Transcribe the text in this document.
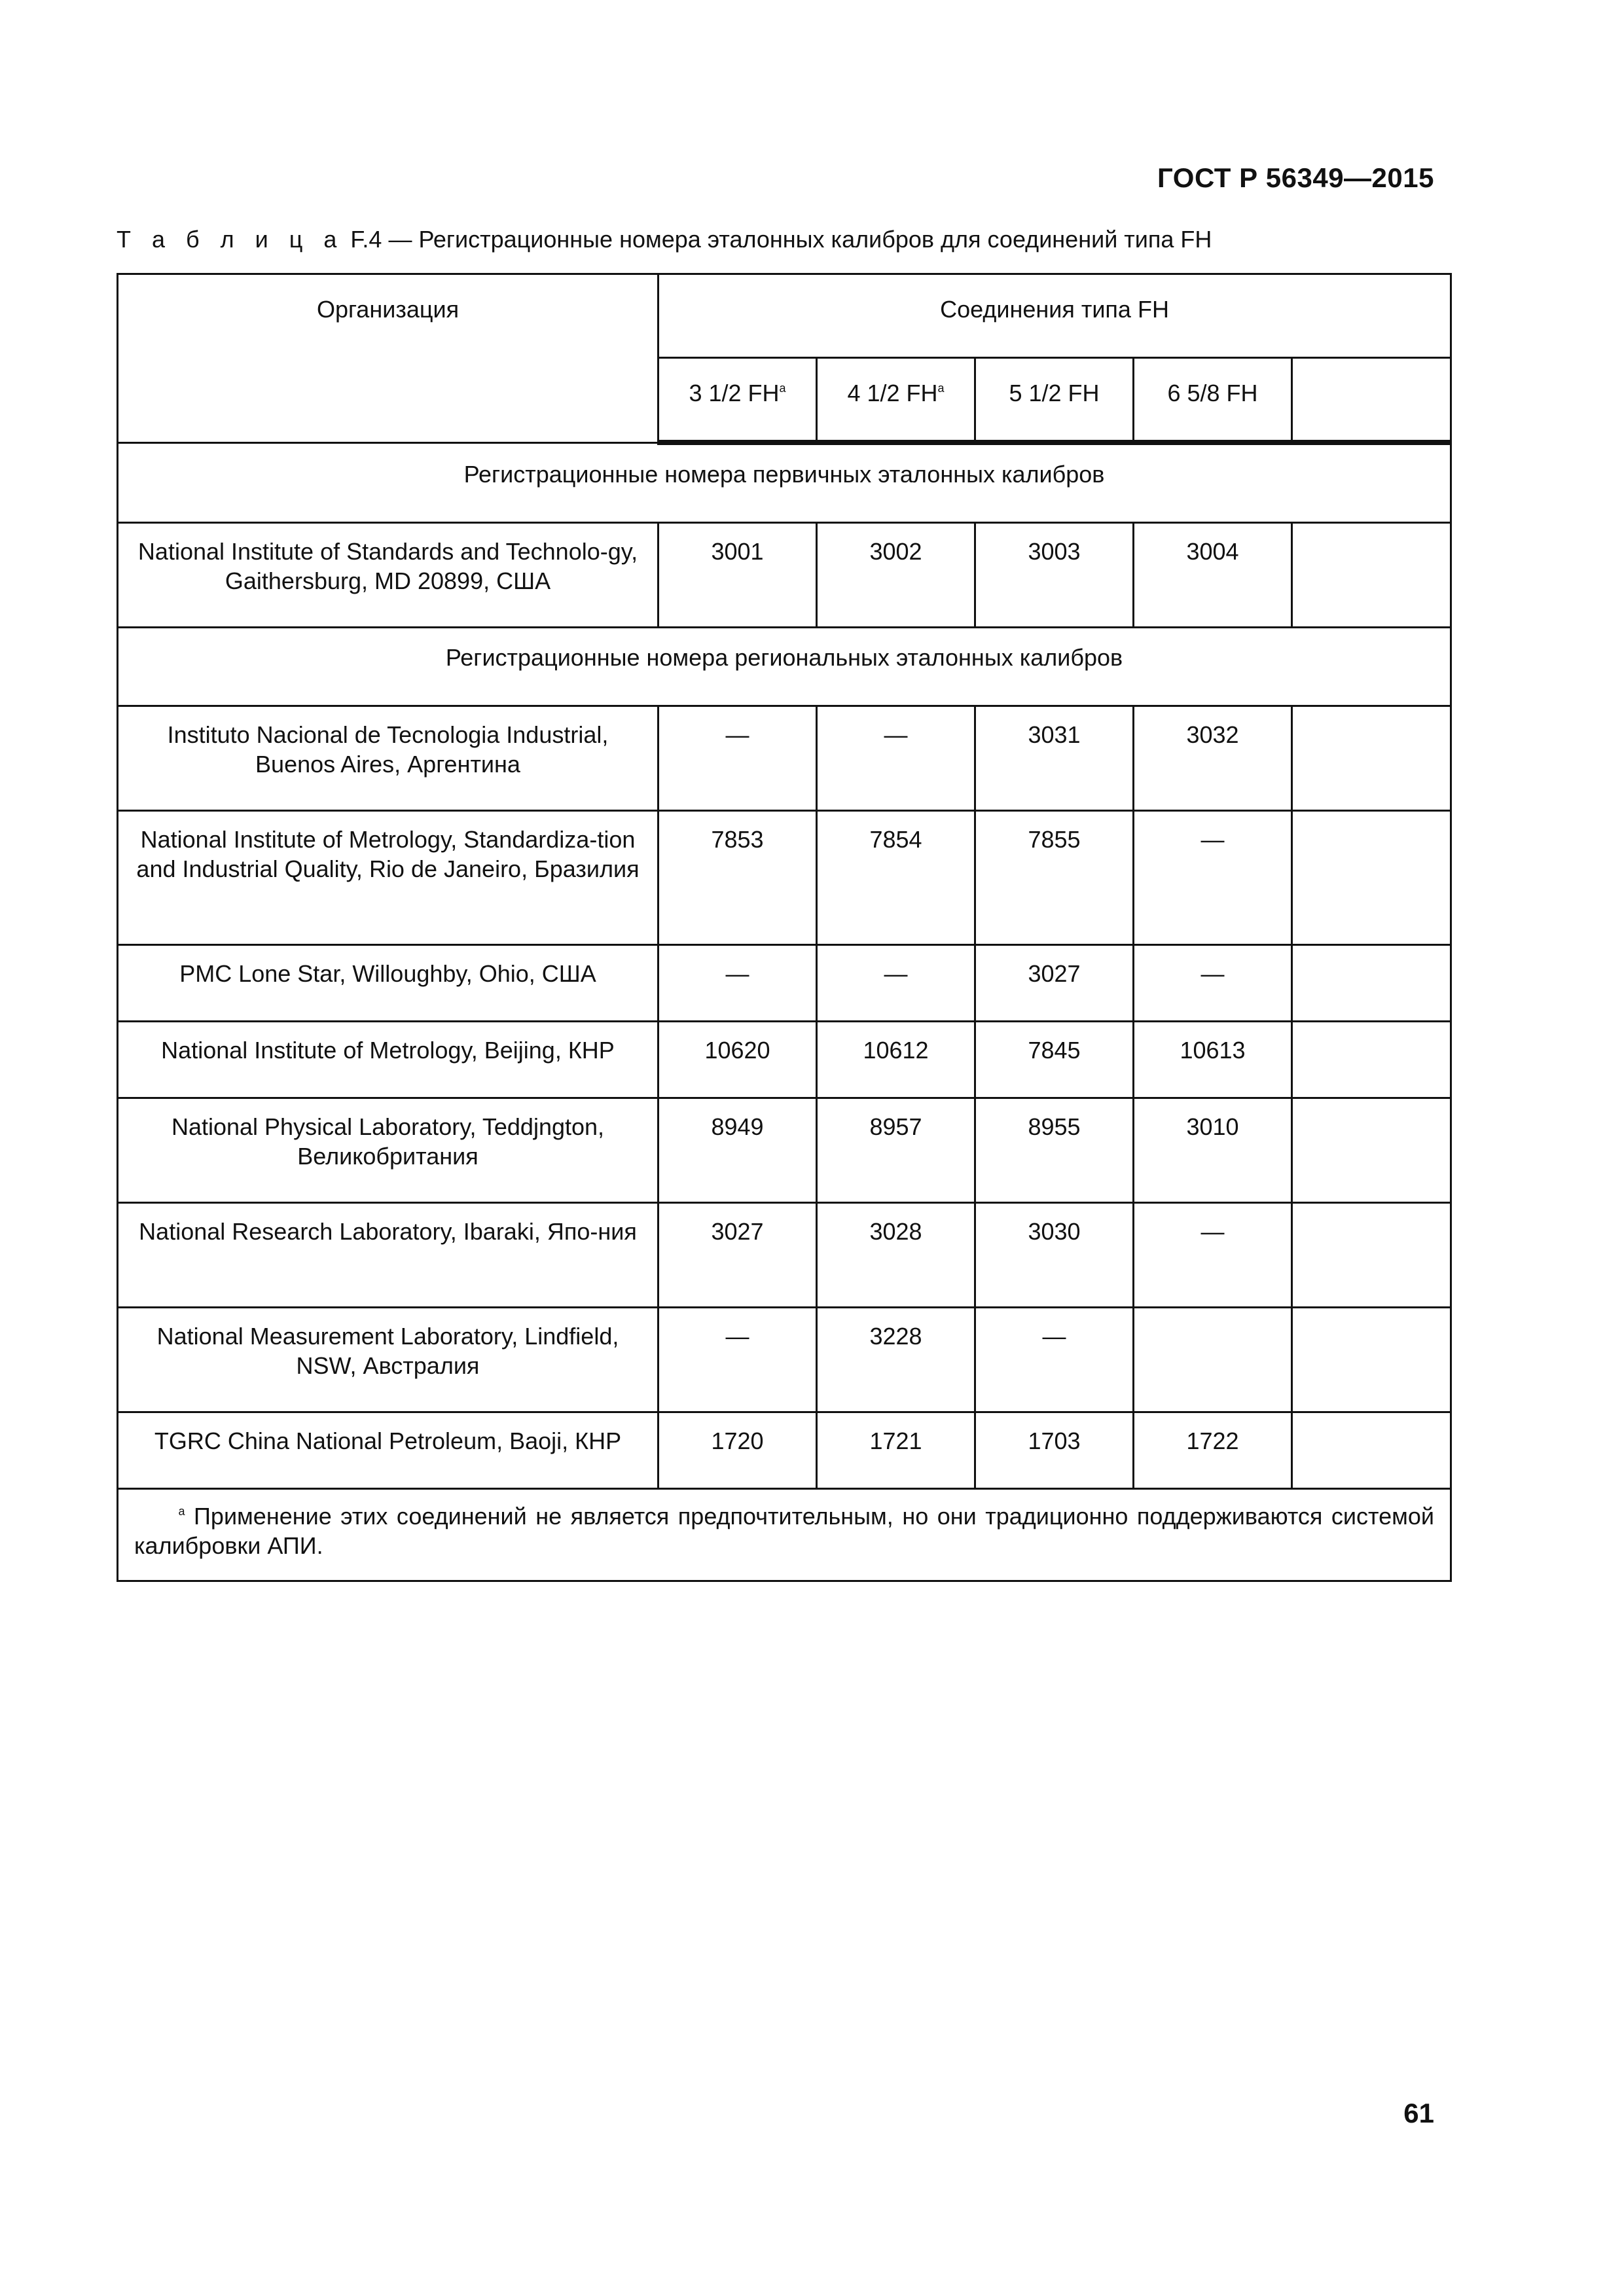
ГОСТ Р 56349—2015
Т а б л и ц а F.4 — Регистрационные номера эталонных калибров для соединений типа FH
Организация	Соединения типа FH				
	3 1/2 $FH^a$	4 1/2 $FH^a$	5 1/2 FH	6 5/8 FH	
Регистрационные номера первичных эталонных калибров					
National Institute of Standards and Technolo-gy, Gaithersburg, MD 20899, США	3001	3002	3003	3004	
Регистрационные номера региональных эталонных калибров					
Instituto Nacional de Tecnologia Industrial, Buenos Aires, Аргентина	—	—	3031	3032	
National Institute of Metrology, Standardiza-tion and Industrial Quality, Rio de Janeiro, Бразилия	7853	7854	7855	—	
PMC Lone Star, Willoughby, Ohio, США	—	—	3027	—	
National Institute of Metrology, Beijing, КНР	10620	10612	7845	10613	
National Physical Laboratory, Teddjngton, Великобритания	8949	8957	8955	3010	
National Research Laboratory, Ibaraki, Япо-ния	3027	3028	3030	—	
National Measurement Laboratory, Lindfield, NSW, Австралия	—	3228	—		
TGRC China National Petroleum, Baoji, КНР	1720	1721	1703	1722	
$^a$ Применение этих соединений не является предпочтительным, но они традиционно поддерживаются системой калибровки АПИ.					
61
